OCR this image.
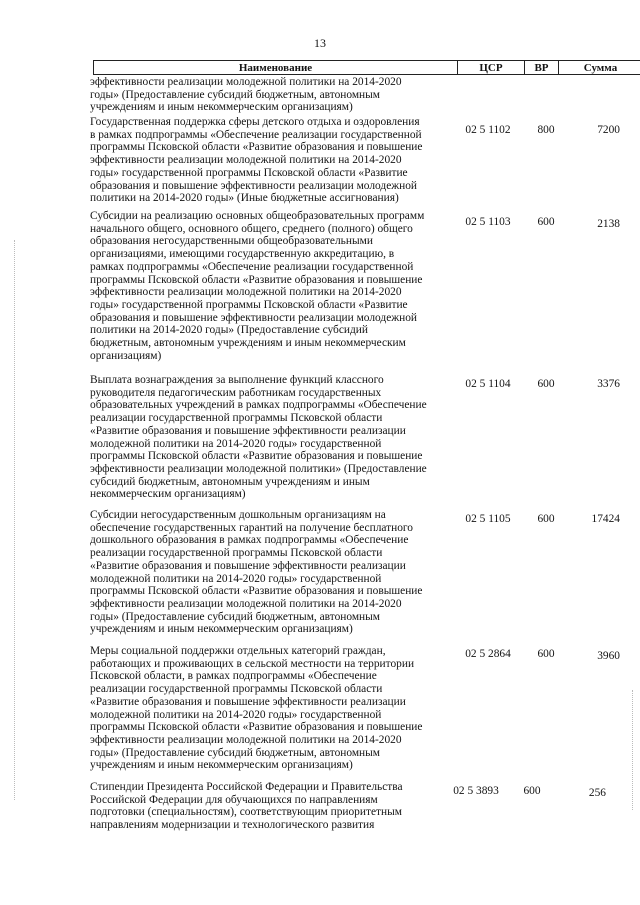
13
Наименование	ЦСР	ВР	Сумма
эффективности реализации молодежной политики на 2014-2020
годы» (Предоставление субсидий бюджетным, автономным
учреждениям и иным некоммерческим организациям)
Государственная поддержка сферы детского отдыха и оздоровления
в рамках подпрограммы «Обеспечение реализации государственной
программы Псковской области «Развитие образования и повышение
эффективности реализации молодежной политики на 2014-2020
годы» государственной программы Псковской области «Развитие
образования и повышение эффективности реализации молодежной
политики на 2014-2020 годы» (Иные бюджетные ассигнования)
02 5 1102	800	7200
Субсидии на реализацию основных общеобразовательных программ
начального общего, основного общего, среднего (полного) общего
образования негосударственными общеобразовательными
организациями, имеющими государственную аккредитацию, в
рамках подпрограммы «Обеспечение реализации государственной
программы Псковской области «Развитие образования и повышение
эффективности реализации молодежной политики на 2014-2020
годы» государственной программы Псковской области «Развитие
образования и повышение эффективности реализации молодежной
политики на 2014-2020 годы» (Предоставление субсидий
бюджетным, автономным учреждениям и иным некоммерческим
организациям)
02 5 1103	600	2138
Выплата вознаграждения за выполнение функций классного
руководителя педагогическим работникам государственных
образовательных учреждений в рамках подпрограммы «Обеспечение
реализации государственной программы Псковской области
«Развитие образования и повышение эффективности реализации
молодежной политики на 2014-2020 годы» государственной
программы Псковской области «Развитие образования и повышение
эффективности реализации молодежной политики» (Предоставление
субсидий бюджетным, автономным учреждениям и иным
некоммерческим организациям)
02 5 1104	600	3376
Субсидии негосударственным дошкольным организациям на
обеспечение государственных гарантий на получение бесплатного
дошкольного образования в рамках подпрограммы «Обеспечение
реализации государственной программы Псковской области
«Развитие образования и повышение эффективности реализации
молодежной политики на 2014-2020 годы» государственной
программы Псковской области «Развитие образования и повышение
эффективности реализации молодежной политики на 2014-2020
годы» (Предоставление субсидий бюджетным, автономным
учреждениям и иным некоммерческим организациям)
02 5 1105	600	17424
Меры социальной поддержки отдельных категорий граждан,
работающих и проживающих в сельской местности на территории
Псковской области, в рамках подпрограммы «Обеспечение
реализации государственной программы Псковской области
«Развитие образования и повышение эффективности реализации
молодежной политики на 2014-2020 годы» государственной
программы Псковской области «Развитие образования и повышение
эффективности реализации молодежной политики на 2014-2020
годы» (Предоставление субсидий бюджетным, автономным
учреждениям и иным некоммерческим организациям)
02 5 2864	600	3960
Стипендии Президента Российской Федерации и Правительства
Российской Федерации для обучающихся по направлениям
подготовки (специальностям), соответствующим приоритетным
направлениям модернизации и технологического развития
02 5 3893	600	256
